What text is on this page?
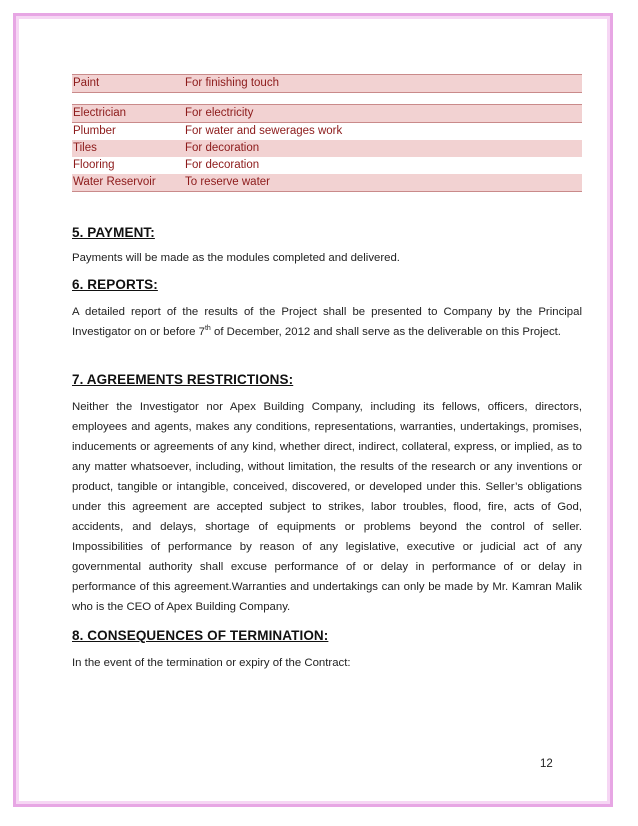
Paint	For finishing touch

Electrician	For electricity
Plumber	For water and sewerages work
Tiles	For decoration
Flooring	For decoration
Water Reservoir	To reserve water
5. PAYMENT:

Payments will be made as the modules completed and delivered.

6. REPORTS:

A detailed report of the results of the Project shall be presented to Company by the Principal Investigator on or before 7th of December, 2012 and shall serve as the deliverable on this Project.

7. AGREEMENTS RESTRICTIONS:

Neither the Investigator nor Apex Building Company, including its fellows, officers, directors, employees and agents, makes any conditions, representations, warranties, undertakings, promises, inducements or agreements of any kind, whether direct, indirect, collateral, express, or implied, as to any matter whatsoever, including, without limitation, the results of the research or any inventions or product, tangible or intangible, conceived, discovered, or developed under this. Seller’s obligations under this agreement are accepted subject to strikes, labor troubles, flood, fire, acts of God, accidents, and delays, shortage of equipments or problems beyond the control of seller. Impossibilities of performance by reason of any legislative, executive or judicial act of any governmental authority shall excuse performance of or delay in performance of or delay in performance of this agreement.Warranties and undertakings can only be made by Mr. Kamran Malik who is the CEO of Apex Building Company.

8. CONSEQUENCES OF TERMINATION:

In the event of the termination or expiry of the Contract:

12
